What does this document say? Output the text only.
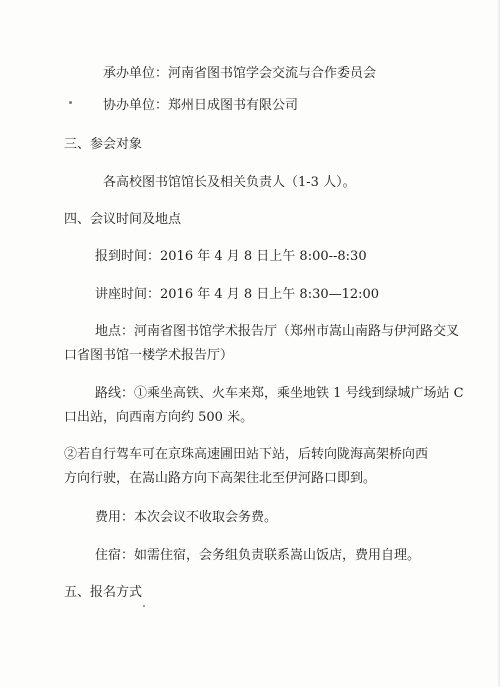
承办单位：河南省图书馆学会交流与合作委员会
协办单位：郑州日成图书有限公司
三、参会对象
各高校图书馆馆长及相关负责人（1-3 人）。
四、会议时间及地点
报到时间：2016 年 4 月 8 日上午 8:00--8:30
讲座时间：2016 年 4 月 8 日上午 8:30—12:00
地点：河南省图书馆学术报告厅（郑州市嵩山南路与伊河路交叉
口省图书馆一楼学术报告厅）
路线：①乘坐高铁、火车来郑，乘坐地铁 1 号线到绿城广场站 C
口出站，向西南方向约 500 米。
②若自行驾车可在京珠高速圃田站下站，后转向陇海高架桥向西
方向行驶，在嵩山路方向下高架往北至伊河路口即到。
费用：本次会议不收取会务费。
住宿：如需住宿，会务组负责联系嵩山饭店，费用自理。
五、报名方式
